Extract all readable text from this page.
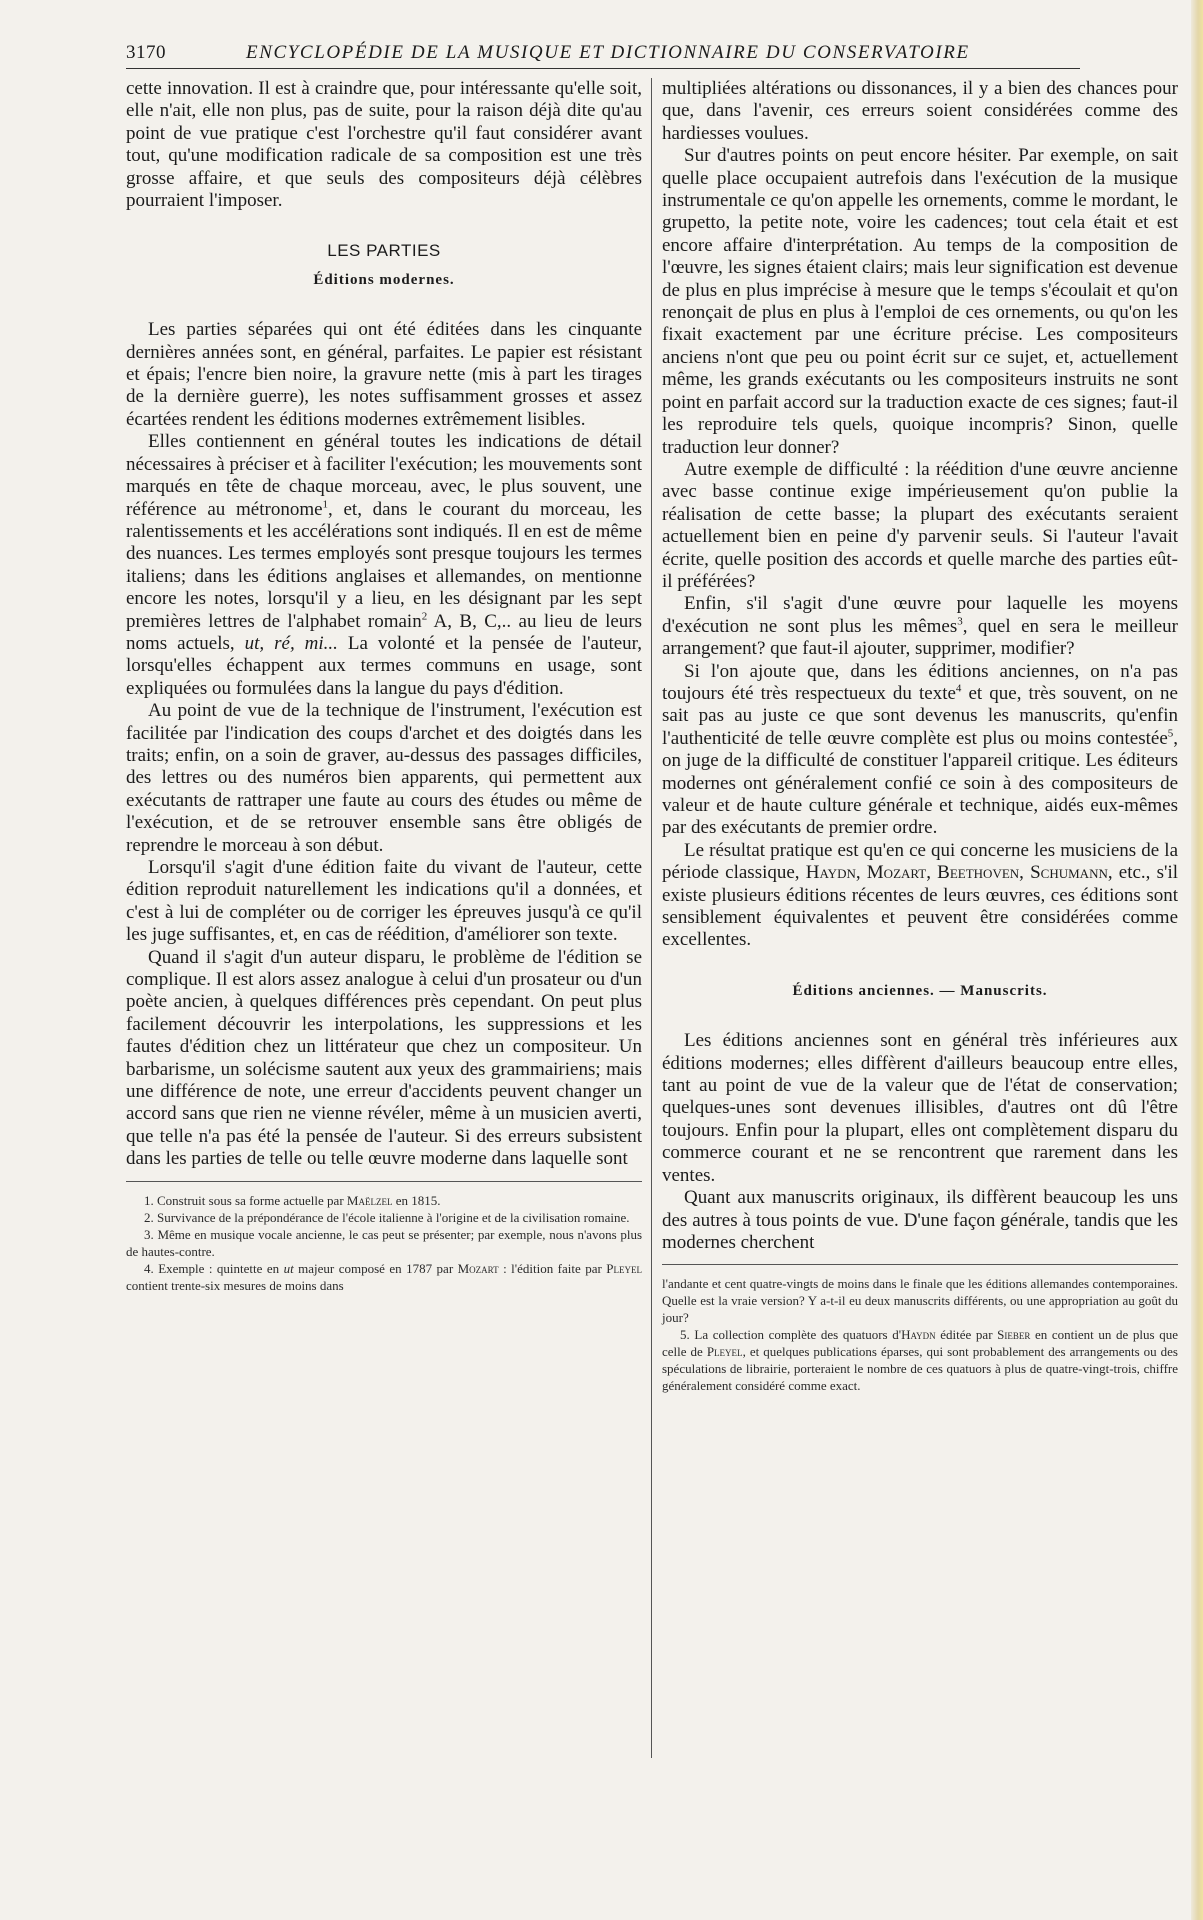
3170	ENCYCLOPÉDIE DE LA MUSIQUE ET DICTIONNAIRE DU CONSERVATOIRE

cette innovation. Il est à craindre que, pour intéressante qu'elle soit, elle n'ait, elle non plus, pas de suite, pour la raison déjà dite qu'au point de vue pratique c'est l'orchestre qu'il faut considérer avant tout, qu'une modification radicale de sa composition est une très grosse affaire, et que seuls des compositeurs déjà célèbres pourraient l'imposer.

LES PARTIES
Éditions modernes.

Les parties séparées qui ont été éditées dans les cinquante dernières années sont, en général, parfaites. Le papier est résistant et épais; l'encre bien noire, la gravure nette (mis à part les tirages de la dernière guerre), les notes suffisamment grosses et assez écartées rendent les éditions modernes extrêmement lisibles.

Elles contiennent en général toutes les indications de détail nécessaires à préciser et à faciliter l'exécution; les mouvements sont marqués en tête de chaque morceau, avec, le plus souvent, une référence au métronome$^1$, et, dans le courant du morceau, les ralentissements et les accélérations sont indiqués. Il en est de même des nuances. Les termes employés sont presque toujours les termes italiens; dans les éditions anglaises et allemandes, on mentionne encore les notes, lorsqu'il y a lieu, en les désignant par les sept premières lettres de l'alphabet romain$^2$ A, B, C,.. au lieu de leurs noms actuels, ut, ré, mi... La volonté et la pensée de l'auteur, lorsqu'elles échappent aux termes communs en usage, sont expliquées ou formulées dans la langue du pays d'édition.

Au point de vue de la technique de l'instrument, l'exécution est facilitée par l'indication des coups d'archet et des doigtés dans les traits; enfin, on a soin de graver, au-dessus des passages difficiles, des lettres ou des numéros bien apparents, qui permettent aux exécutants de rattraper une faute au cours des études ou même de l'exécution, et de se retrouver ensemble sans être obligés de reprendre le morceau à son début.

Lorsqu'il s'agit d'une édition faite du vivant de l'auteur, cette édition reproduit naturellement les indications qu'il a données, et c'est à lui de compléter ou de corriger les épreuves jusqu'à ce qu'il les juge suffisantes, et, en cas de réédition, d'améliorer son texte.

Quand il s'agit d'un auteur disparu, le problème de l'édition se complique. Il est alors assez analogue à celui d'un prosateur ou d'un poète ancien, à quelques différences près cependant. On peut plus facilement découvrir les interpolations, les suppressions et les fautes d'édition chez un littérateur que chez un compositeur. Un barbarisme, un solécisme sautent aux yeux des grammairiens; mais une différence de note, une erreur d'accidents peuvent changer un accord sans que rien ne vienne révéler, même à un musicien averti, que telle n'a pas été la pensée de l'auteur. Si des erreurs subsistent dans les parties de telle ou telle œuvre moderne dans laquelle sont

1. Construit sous sa forme actuelle par Maëlzel en 1815.

2. Survivance de la prépondérance de l'école italienne à l'origine et de la civilisation romaine.

3. Même en musique vocale ancienne, le cas peut se présenter; par exemple, nous n'avons plus de hautes-contre.

4. Exemple : quintette en ut majeur composé en 1787 par Mozart : l'édition faite par Pleyel contient trente-six mesures de moins dans

multipliées altérations ou dissonances, il y a bien des chances pour que, dans l'avenir, ces erreurs soient considérées comme des hardiesses voulues.

Sur d'autres points on peut encore hésiter. Par exemple, on sait quelle place occupaient autrefois dans l'exécution de la musique instrumentale ce qu'on appelle les ornements, comme le mordant, le grupetto, la petite note, voire les cadences; tout cela était et est encore affaire d'interprétation. Au temps de la composition de l'œuvre, les signes étaient clairs; mais leur signification est devenue de plus en plus imprécise à mesure que le temps s'écoulait et qu'on renonçait de plus en plus à l'emploi de ces ornements, ou qu'on les fixait exactement par une écriture précise. Les compositeurs anciens n'ont que peu ou point écrit sur ce sujet, et, actuellement même, les grands exécutants ou les compositeurs instruits ne sont point en parfait accord sur la traduction exacte de ces signes; faut-il les reproduire tels quels, quoique incompris? Sinon, quelle traduction leur donner?

Autre exemple de difficulté : la réédition d'une œuvre ancienne avec basse continue exige impérieusement qu'on publie la réalisation de cette basse; la plupart des exécutants seraient actuellement bien en peine d'y parvenir seuls. Si l'auteur l'avait écrite, quelle position des accords et quelle marche des parties eût-il préférées?

Enfin, s'il s'agit d'une œuvre pour laquelle les moyens d'exécution ne sont plus les mêmes$^3$, quel en sera le meilleur arrangement? que faut-il ajouter, supprimer, modifier?

Si l'on ajoute que, dans les éditions anciennes, on n'a pas toujours été très respectueux du texte$^4$ et que, très souvent, on ne sait pas au juste ce que sont devenus les manuscrits, qu'enfin l'authenticité de telle œuvre complète est plus ou moins contestée$^5$, on juge de la difficulté de constituer l'appareil critique. Les éditeurs modernes ont généralement confié ce soin à des compositeurs de valeur et de haute culture générale et technique, aidés eux-mêmes par des exécutants de premier ordre.

Le résultat pratique est qu'en ce qui concerne les musiciens de la période classique, Haydn, Mozart, Beethoven, Schumann, etc., s'il existe plusieurs éditions récentes de leurs œuvres, ces éditions sont sensiblement équivalentes et peuvent être considérées comme excellentes.

Éditions anciennes. — Manuscrits.

Les éditions anciennes sont en général très inférieures aux éditions modernes; elles diffèrent d'ailleurs beaucoup entre elles, tant au point de vue de la valeur que de l'état de conservation; quelques-unes sont devenues illisibles, d'autres ont dû l'être toujours. Enfin pour la plupart, elles ont complètement disparu du commerce courant et ne se rencontrent que rarement dans les ventes.

Quant aux manuscrits originaux, ils diffèrent beaucoup les uns des autres à tous points de vue. D'une façon générale, tandis que les modernes cherchent

l'andante et cent quatre-vingts de moins dans le finale que les éditions allemandes contemporaines. Quelle est la vraie version? Y a-t-il eu deux manuscrits différents, ou une appropriation au goût du jour?

5. La collection complète des quatuors d'Haydn éditée par Sieber en contient un de plus que celle de Pleyel, et quelques publications éparses, qui sont probablement des arrangements ou des spéculations de librairie, porteraient le nombre de ces quatuors à plus de quatre-vingt-trois, chiffre généralement considéré comme exact.
